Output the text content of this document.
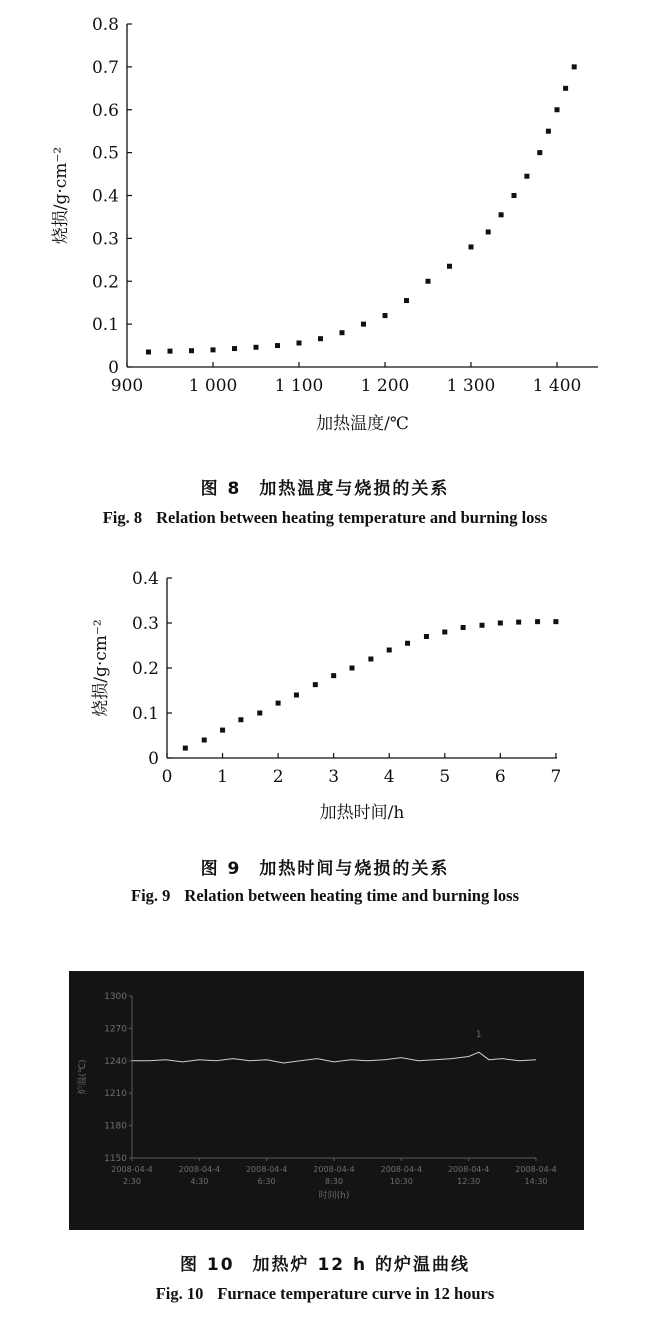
900	1 000 1 100 1 200 1 300 1 400
0
0.1
0.2
0.3
0.4
0.5
0.6
0.7
0.8
加热温度/℃
烧损/g·cm⁻²
图 8 加热温度与烧损的关系
Fig. 8 Relation between heating temperature and burning loss
0	1	2	3	4	5	6	7
0
0.1
0.2
0.3
0.4
加热时间/h
烧损/g·cm⁻²
图 9 加热时间与烧损的关系
Fig. 9 Relation between heating time and burning loss
1150
1180
1210
1240
1270
1300
2008-04-4
2:30
2008-04-4
4:30
2008-04-4
6:30
2008-04-4
8:30
2008-04-4
10:30
2008-04-4
12:30
2008-04-4
14:30
时间(h)
炉温(℃)
1
图 10 加热炉 12 h 的炉温曲线
Fig. 10 Furnace temperature curve in 12 hours
